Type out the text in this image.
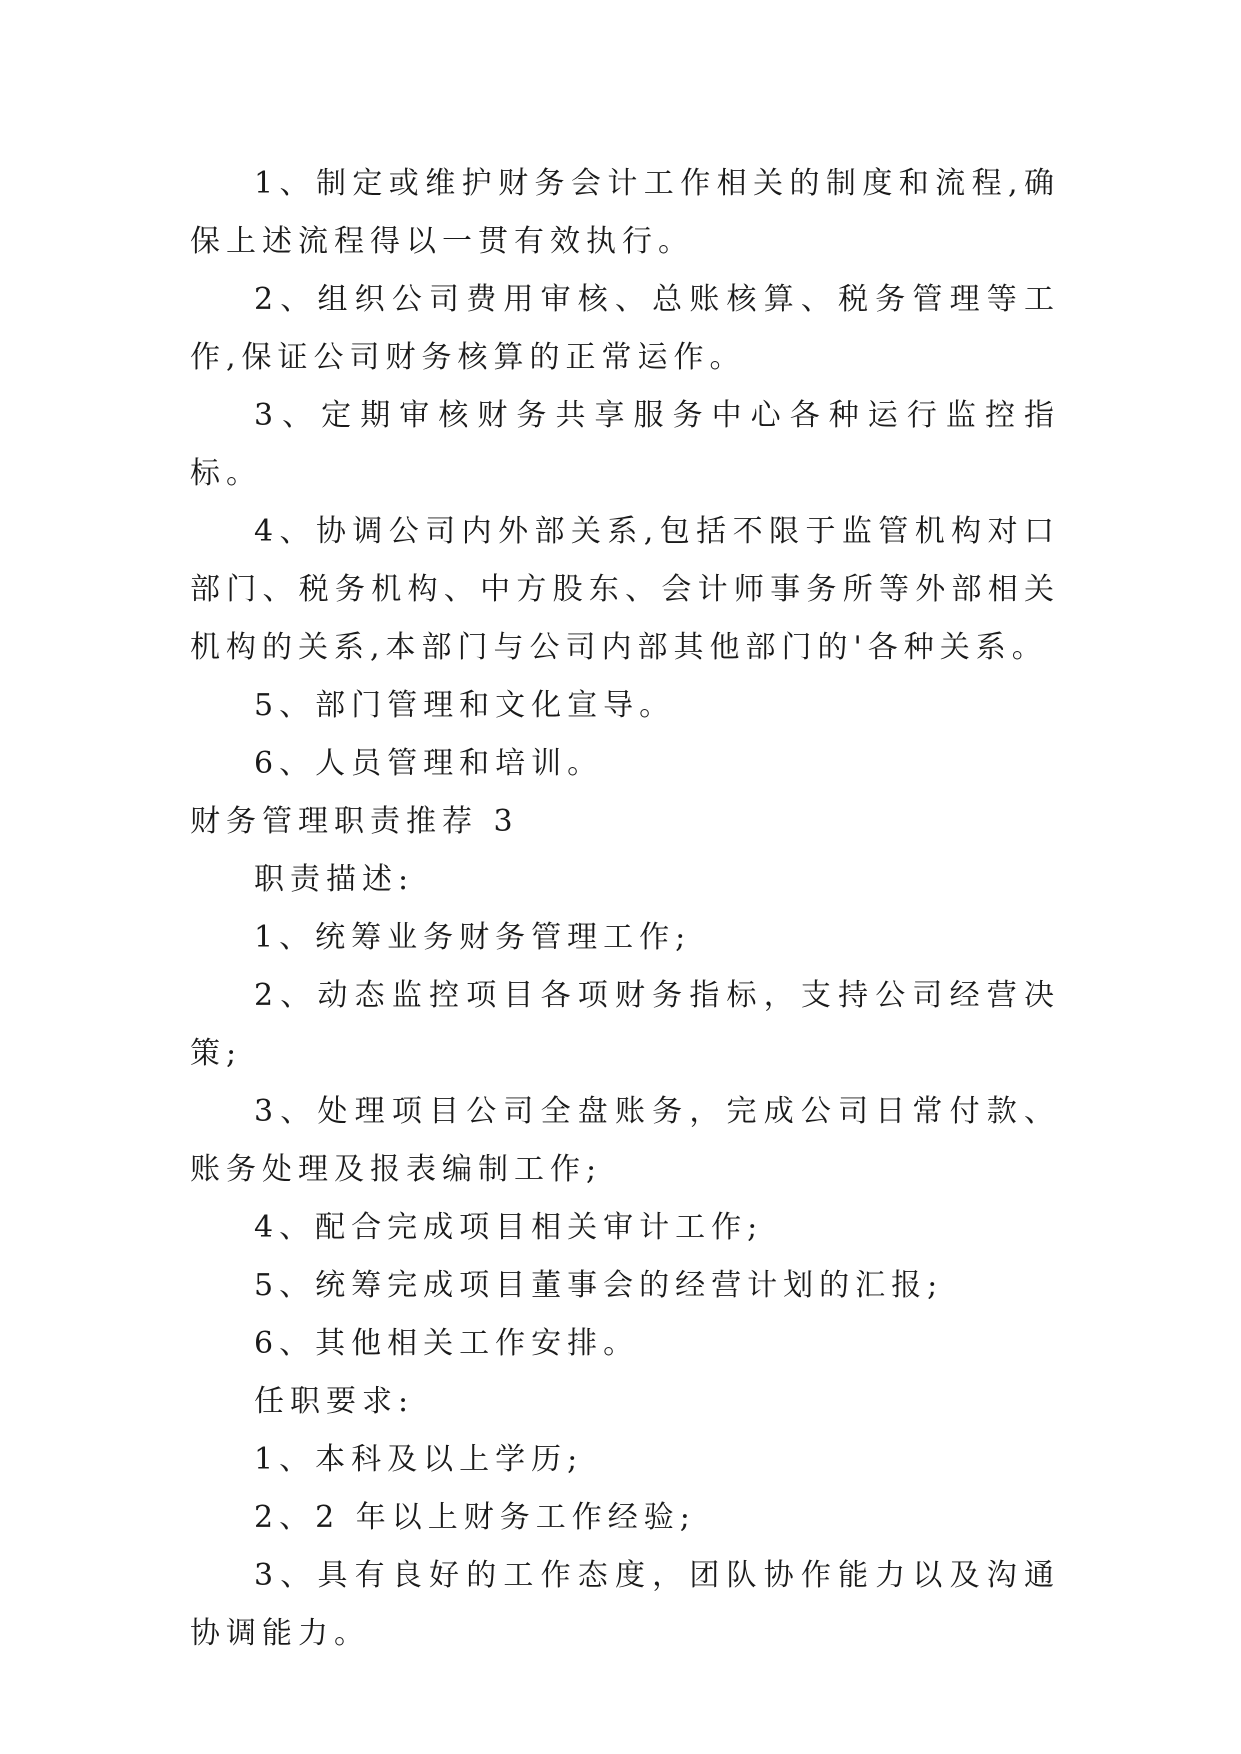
1、制定或维护财务会计工作相关的制度和流程,确保上述流程得以一贯有效执行。

2、组织公司费用审核、总账核算、税务管理等工作,保证公司财务核算的正常运作。

3、定期审核财务共享服务中心各种运行监控指标。

4、协调公司内外部关系,包括不限于监管机构对口部门、税务机构、中方股东、会计师事务所等外部相关机构的关系,本部门与公司内部其他部门的'各种关系。

5、部门管理和文化宣导。

6、人员管理和培训。

财务管理职责推荐 3

职责描述:

1、统筹业务财务管理工作;

2、动态监控项目各项财务指标，支持公司经营决策;

3、处理项目公司全盘账务，完成公司日常付款、账务处理及报表编制工作;

4、配合完成项目相关审计工作;

5、统筹完成项目董事会的经营计划的汇报;

6、其他相关工作安排。

任职要求:

1、本科及以上学历;

2、2 年以上财务工作经验;

3、具有良好的工作态度，团队协作能力以及沟通协调能力。
